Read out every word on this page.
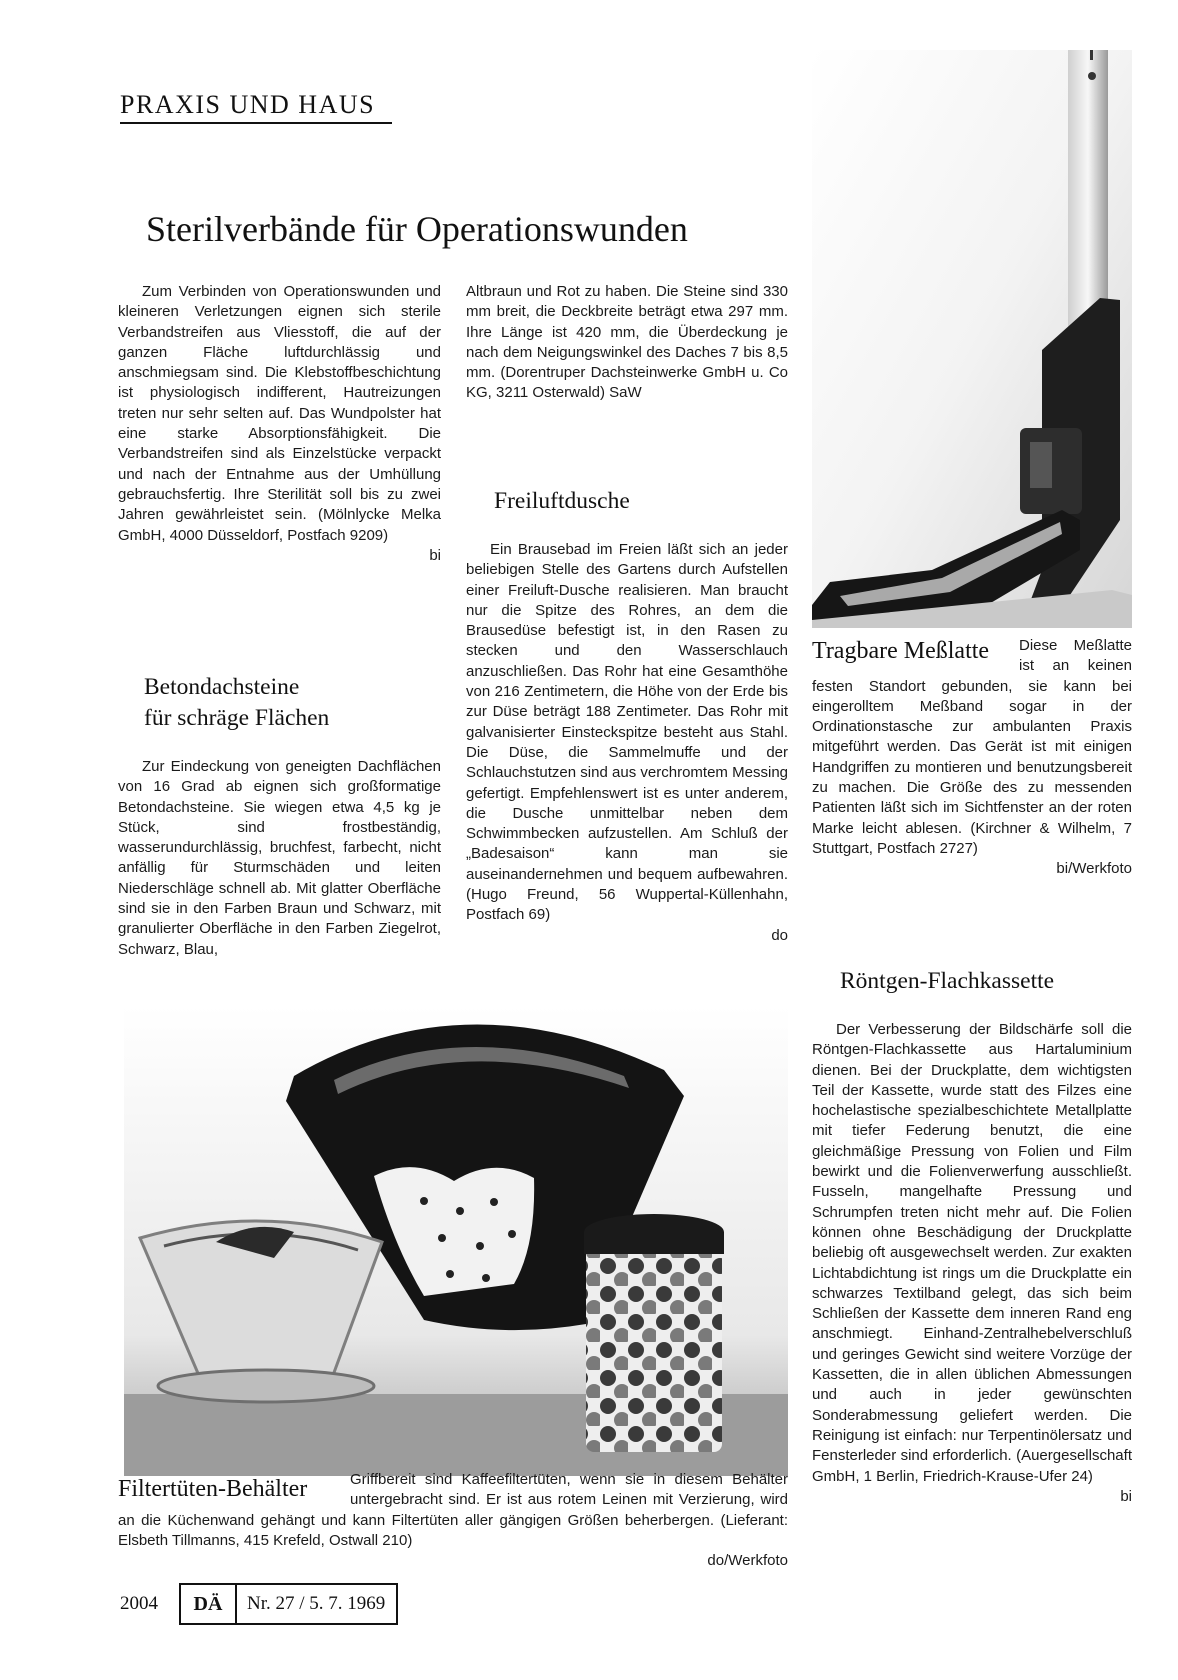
PRAXIS UND HAUS
Sterilverbände für Operationswunden

Zum Verbinden von Operationswunden und kleineren Verletzungen eignen sich sterile Verbandstreifen aus Vliesstoff, die auf der ganzen Fläche luftdurchlässig und anschmiegsam sind. Die Klebstoffbeschichtung ist physiologisch indifferent, Hautreizungen treten nur sehr selten auf. Das Wundpolster hat eine starke Absorptionsfähigkeit. Die Verbandstreifen sind als Einzelstücke verpackt und nach der Entnahme aus der Umhüllung gebrauchsfertig. Ihre Sterilität soll bis zu zwei Jahren gewährleistet sein. (Mölnlycke Melka GmbH, 4000 Düsseldorf, Postfach 9209)

bi
Betondachsteine
für schräge Flächen

Zur Eindeckung von geneigten Dachflächen von 16 Grad ab eignen sich großformatige Betondachsteine. Sie wiegen etwa 4,5 kg je Stück, sind frostbeständig, wasserundurchlässig, bruchfest, farbecht, nicht anfällig für Sturmschäden und leiten Niederschläge schnell ab. Mit glatter Oberfläche sind sie in den Farben Braun und Schwarz, mit granulierter Oberfläche in den Farben Ziegelrot, Schwarz, Blau,

Altbraun und Rot zu haben. Die Steine sind 330 mm breit, die Deckbreite beträgt etwa 297 mm. Ihre Länge ist 420 mm, die Überdeckung je nach dem Neigungswinkel des Daches 7 bis 8,5 mm. (Dorentruper Dachsteinwerke GmbH u. Co KG, 3211 Osterwald) SaW

Freiluftdusche

Ein Brausebad im Freien läßt sich an jeder beliebigen Stelle des Gartens durch Aufstellen einer Freiluft-Dusche realisieren. Man braucht nur die Spitze des Rohres, an dem die Brausedüse befestigt ist, in den Rasen zu stecken und den Wasserschlauch anzuschließen. Das Rohr hat eine Gesamthöhe von 216 Zentimetern, die Höhe von der Erde bis zur Düse beträgt 188 Zentimeter. Das Rohr mit galvanisierter Einsteckspitze besteht aus Stahl. Die Düse, die Sammelmuffe und der Schlauchstutzen sind aus verchromtem Messing gefertigt. Empfehlenswert ist es unter anderem, die Dusche unmittelbar neben dem Schwimmbecken aufzustellen. Am Schluß der „Badesaison“ kann man sie auseinandernehmen und bequem aufbewahren. (Hugo Freund, 56 Wuppertal-Küllenhahn, Postfach 69)

do
Tragbare Meßlatte	Diese Meßlatte ist an keinen festen Standort gebunden, sie kann bei eingerolltem Meßband sogar in der Ordinationstasche zur ambulanten Praxis mitgeführt werden. Das Gerät ist mit einigen Handgriffen zu montieren und benutzungsbereit zu machen. Die Größe des zu messenden Patienten läßt sich im Sichtfenster an der roten Marke leicht ablesen. (Kirchner & Wilhelm, 7 Stuttgart, Postfach 2727)

bi/Werkfoto
Röntgen-Flachkassette

Der Verbesserung der Bildschärfe soll die Röntgen-Flachkassette aus Hartaluminium dienen. Bei der Druckplatte, dem wichtigsten Teil der Kassette, wurde statt des Filzes eine hochelastische spezialbeschichtete Metallplatte mit tiefer Federung benutzt, die eine gleichmäßige Pressung von Folien und Film bewirkt und die Folienverwerfung ausschließt. Fusseln, mangelhafte Pressung und Schrumpfen treten nicht mehr auf. Die Folien können ohne Beschädigung der Druckplatte beliebig oft ausgewechselt werden. Zur exakten Lichtabdichtung ist rings um die Druckplatte ein schwarzes Textilband gelegt, das sich beim Schließen der Kassette dem inneren Rand eng anschmiegt. Einhand-Zentralhebelverschluß und geringes Gewicht sind weitere Vorzüge der Kassetten, die in allen üblichen Abmessungen und auch in jeder gewünschten Sonderabmessung geliefert werden. Die Reinigung ist einfach: nur Terpentinölersatz und Fensterleder sind erforderlich. (Auergesellschaft GmbH, 1 Berlin, Friedrich-Krause-Ufer 24)

bi
Filtertüten-Behälter	Griffbereit sind Kaffeefiltertüten, wenn sie in diesem Behälter untergebracht sind. Er ist aus rotem Leinen mit Verzierung, wird an die Küchenwand gehängt und kann Filtertüten aller gängigen Größen beherbergen. (Lieferant: Elsbeth Tillmanns, 415 Krefeld, Ostwall 210)

do/Werkfoto
2004	DÄ	Nr. 27 / 5. 7. 1969
